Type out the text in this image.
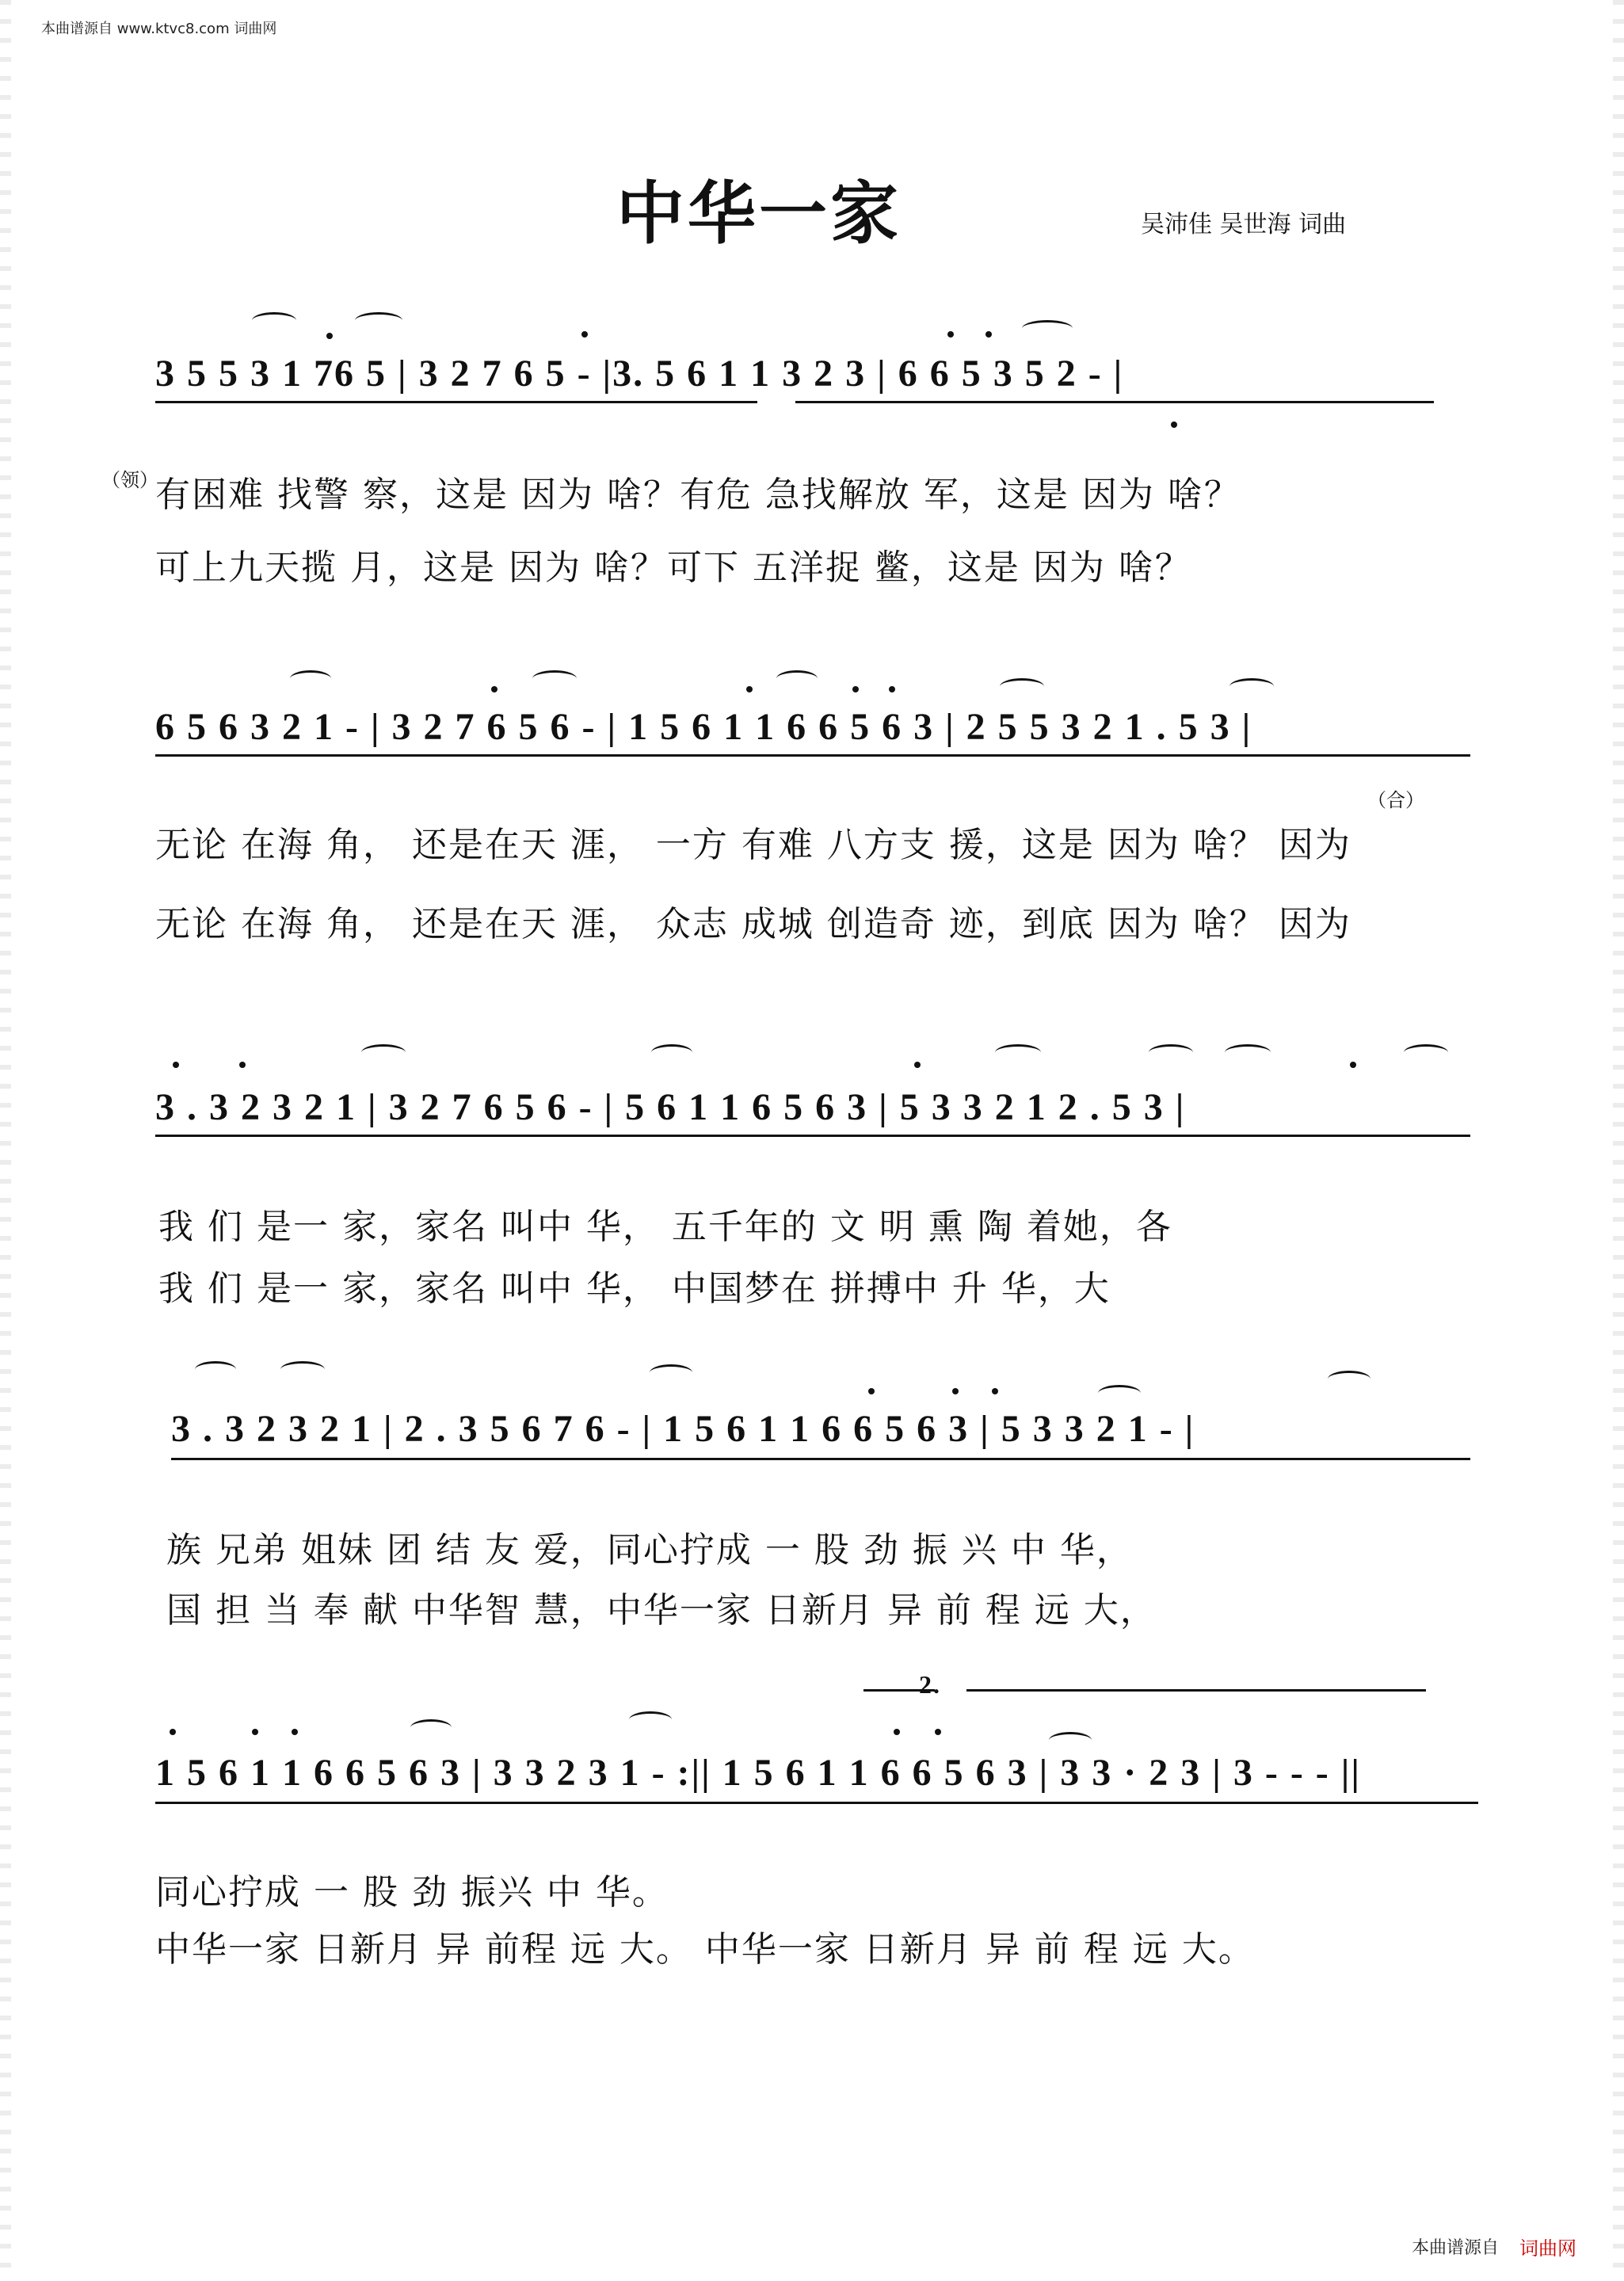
本曲谱源自 www.ktvc8.com 词曲网
中华一家	吴沛佳 吴世海 词曲
3 5 5 3 1 76 5 | 3 2 7 6 5 - |3. 5 6 1 1 3 2 3 | 6 6 5 3 5 2 - |
（领）
有困难 找警 察，这是 因为 啥？有危 急找解放 军，这是 因为 啥？
可上九天揽 月，这是 因为 啥？可下 五洋捉 鳖，这是 因为 啥？
6 5 6 3 2 1 - | 3 2 7 6 5 6 - | 1 5 6 1 1 6 6 5 6 3 | 2 5 5 3 2 1 . 5 3 |
（合）
无论 在海 角， 还是在天 涯， 一方 有难 八方支 援，这是 因为 啥？ 因为
无论 在海 角， 还是在天 涯， 众志 成城 创造奇 迹，到底 因为 啥？ 因为
3 . 3 2 3 2 1 | 3 2 7 6 5 6 - | 5 6 1 1 6 5 6 3 | 5 3 3 2 1 2 . 5 3 |
我 们 是一 家，家名 叫中 华， 五千年的 文 明 熏 陶 着她，各
我 们 是一 家，家名 叫中 华， 中国梦在 拼搏中 升 华，大
3 . 3 2 3 2 1 | 2 . 3 5 6 7 6 - | 1 5 6 1 1 6 6 5 6 3 | 5 3 3 2 1 - |
族 兄弟 姐妹 团 结 友 爱，同心拧成 一 股 劲 振 兴 中 华，
国 担 当 奉 献 中华智 慧，中华一家 日新月 异 前 程 远 大，
2.
1 5 6 1 1 6 6 5 6 3 | 3 3 2 3 1 - :|| 1 5 6 1 1 6 6 5 6 3 | 3 3 · 2 3 | 3 - - - ||
同心拧成 一 股 劲 振兴 中 华。
中华一家 日新月 异 前程 远 大。 中华一家 日新月 异 前 程 远 大。
本曲谱源自 词曲网
